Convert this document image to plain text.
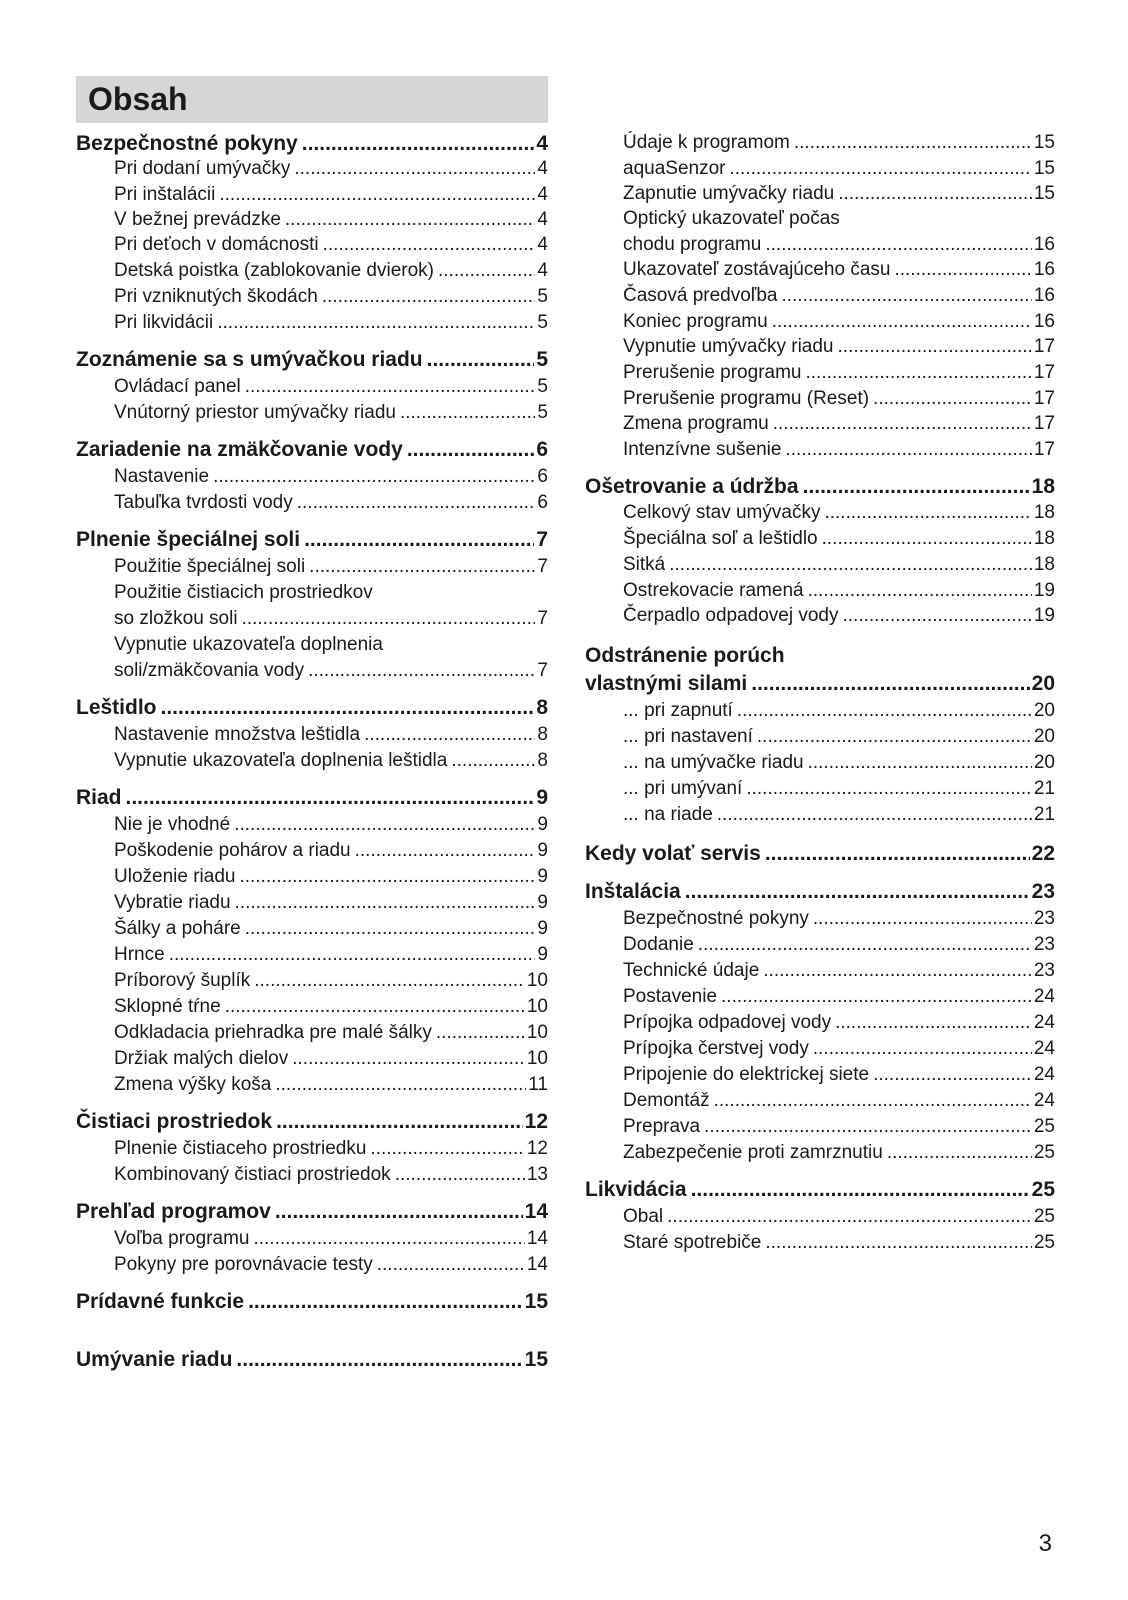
Obsah
Bezpečnostné pokyny .....	4
Pri dodaní umývačky .....	4
Pri inštalácii .....	4
V bežnej prevádzke .....	4
Pri deťoch v domácnosti .....	4
Detská poistka (zablokovanie dvierok) .....	4
Pri vzniknutých škodách .....	5
Pri likvidácii .....	5
Zoznámenie sa s umývačkou riadu .....	5
Ovládací panel .....	5
Vnútorný priestor umývačky riadu .....	5
Zariadenie na zmäkčovanie vody .....	6
Nastavenie .....	6
Tabuľka tvrdosti vody .....	6
Plnenie špeciálnej soli .....	7
Použitie špeciálnej soli .....	7
Použitie čistiacich prostriedkov
so zložkou soli .....	7
Vypnutie ukazovateľa doplnenia
soli/zmäkčovania vody .....	7
Leštidlo .....	8
Nastavenie množstva leštidla .....	8
Vypnutie ukazovateľa doplnenia leštidla .....	8
Riad .....	9
Nie je vhodné .....	9
Poškodenie pohárov a riadu .....	9
Uloženie riadu .....	9
Vybratie riadu .....	9
Šálky a poháre .....	9
Hrnce .....	9
Príborový šuplík .....	10
Sklopné tŕne .....	10
Odkladacia priehradka pre malé šálky .....	10
Držiak malých dielov .....	10
Zmena výšky koša .....	11
Čistiaci prostriedok .....	12
Plnenie čistiaceho prostriedku .....	12
Kombinovaný čistiaci prostriedok .....	13
Prehľad programov .....	14
Voľba programu .....	14
Pokyny pre porovnávacie testy .....	14
Prídavné funkcie .....	15
Umývanie riadu .....	15
Údaje k programom .....	15
aquaSenzor .....	15
Zapnutie umývačky riadu .....	15
Optický ukazovateľ počas
chodu programu .....	16
Ukazovateľ zostávajúceho času .....	16
Časová predvoľba .....	16
Koniec programu .....	16
Vypnutie umývačky riadu .....	17
Prerušenie programu .....	17
Prerušenie programu (Reset) .....	17
Zmena programu .....	17
Intenzívne sušenie .....	17
Ošetrovanie a údržba .....	18
Celkový stav umývačky .....	18
Špeciálna soľ a leštidlo .....	18
Sitká .....	18
Ostrekovacie ramená .....	19
Čerpadlo odpadovej vody .....	19
Odstránenie porúch
vlastnými silami .....	20
... pri zapnutí .....	20
... pri nastavení .....	20
... na umývačke riadu .....	20
... pri umývaní .....	21
... na riade .....	21
Kedy volať servis .....	22
Inštalácia .....	23
Bezpečnostné pokyny .....	23
Dodanie .....	23
Technické údaje .....	23
Postavenie .....	24
Prípojka odpadovej vody .....	24
Prípojka čerstvej vody .....	24
Pripojenie do elektrickej siete .....	24
Demontáž .....	24
Preprava .....	25
Zabezpečenie proti zamrznutiu .....	25
Likvidácia .....	25
Obal .....	25
Staré spotrebiče .....	25
3
